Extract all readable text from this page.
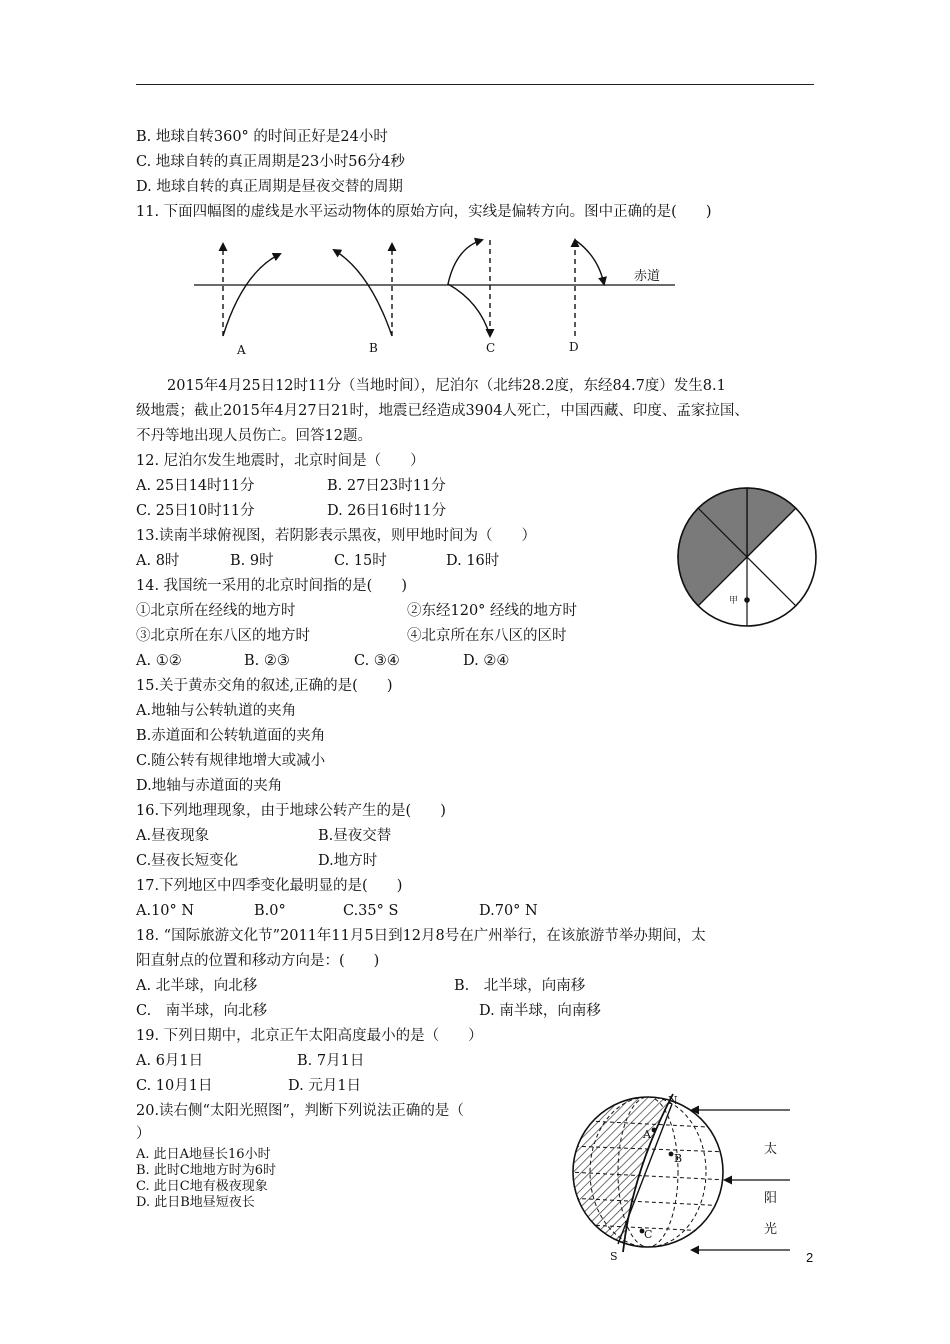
B. 地球自转360° 的时间正好是24小时
C. 地球自转的真正周期是23小时56分4秒
D. 地球自转的真正周期是昼夜交替的周期
11. 下面四幅图的虚线是水平运动物体的原始方向，实线是偏转方向。图中正确的是(　　)
赤道
A	B	C	D
2015年4月25日12时11分（当地时间），尼泊尔（北纬28.2度，东经84.7度）发生8.1
级地震；截止2015年4月27日21时，地震已经造成3904人死亡，中国西藏、印度、孟家拉国、
不丹等地出现人员伤亡。回答12题。
12. 尼泊尔发生地震时，北京时间是（　　）
A. 25日14时11分	B. 27日23时11分
C. 25日10时11分	D. 26日16时11分
甲
13.读南半球俯视图，若阴影表示黑夜，则甲地时间为（　　）
A. 8时	B. 9时	C. 15时	D. 16时
14. 我国统一采用的北京时间指的是(　　)
①北京所在经线的地方时	②东经120° 经线的地方时
③北京所在东八区的地方时	④北京所在东八区的区时
A. ①②	B. ②③	C. ③④	D. ②④
15.关于黄赤交角的叙述,正确的是(　　)
A.地轴与公转轨道的夹角
B.赤道面和公转轨道面的夹角
C.随公转有规律地增大或减小
D.地轴与赤道面的夹角
16.下列地理现象，由于地球公转产生的是(　　)
A.昼夜现象	B.昼夜交替
C.昼夜长短变化	D.地方时
17.下列地区中四季变化最明显的是(　　)
A.10° N	B.0°	C.35° S	D.70° N
18. “国际旅游文化节”2011年11月5日到12月8号在广州举行，在该旅游节举办期间，太
阳直射点的位置和移动方向是：(　　)
A. 北半球，向北移	B.　北半球，向南移
C.　南半球，向北移	D. 南半球，向南移
19. 下列日期中，北京正午太阳高度最小的是（　　）
A. 6月1日	B. 7月1日
C. 10月1日	D. 元月1日
20.读右侧“太阳光照图”，判断下列说法正确的是（
）
A. 此日A地昼长16小时
B. 此时C地地方时为6时
C. 此日C地有极夜现象
D. 此日B地昼短夜长
N
S
A
B
C
太
阳
光
2
